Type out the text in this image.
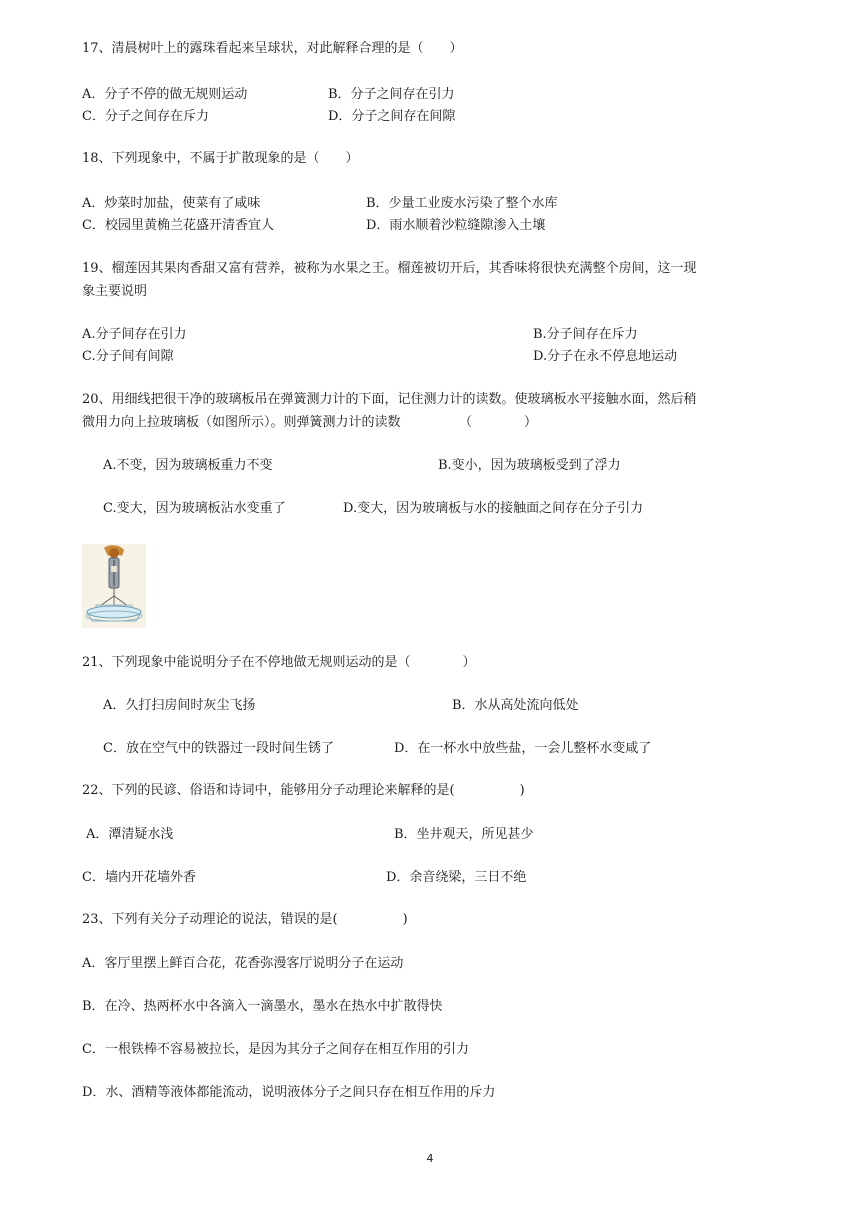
17、清晨树叶上的露珠看起来呈球状，对此解释合理的是（　　）
A．分子不停的做无规则运动	B．分子之间存在引力
C．分子之间存在斥力	D．分子之间存在间隙
18、下列现象中，不属于扩散现象的是（　　）
A．炒菜时加盐，使菜有了咸味	B．少量工业废水污染了整个水库
C．校园里黄桷兰花盛开清香宜人	D．雨水顺着沙粒缝隙渗入土壤
19、榴莲因其果肉香甜又富有营养，被称为水果之王。榴莲被切开后，其香味将很快充满整个房间，这一现
象主要说明
A.分子间存在引力	B.分子间存在斥力
C.分子间有间隙	D.分子在永不停息地运动
20、用细线把很干净的玻璃板吊在弹簧测力计的下面，记住测力计的读数。使玻璃板水平接触水面，然后稍
微用力向上拉玻璃板（如图所示）。则弹簧测力计的读数　　　　　（　　　　）
A.不变，因为玻璃板重力不变	B.变小，因为玻璃板受到了浮力
C.变大，因为玻璃板沾水变重了	D.变大，因为玻璃板与水的接触面之间存在分子引力
21、下列现象中能说明分子在不停地做无规则运动的是（　　　　）
A．久打扫房间时灰尘飞扬	B．水从高处流向低处
C．放在空气中的铁器过一段时间生锈了	D．在一杯水中放些盐，一会儿整杯水变咸了
22、下列的民谚、俗语和诗词中，能够用分子动理论来解释的是(　　　　　)
A．潭清疑水浅	B．坐井观天，所见甚少
C．墙内开花墙外香	D．余音绕梁，三日不绝
23、下列有关分子动理论的说法，错误的是(　　　　　)
A．客厅里摆上鲜百合花，花香弥漫客厅说明分子在运动
B．在冷、热两杯水中各滴入一滴墨水，墨水在热水中扩散得快
C．一根铁棒不容易被拉长，是因为其分子之间存在相互作用的引力
D．水、酒精等液体都能流动，说明液体分子之间只存在相互作用的斥力
4
